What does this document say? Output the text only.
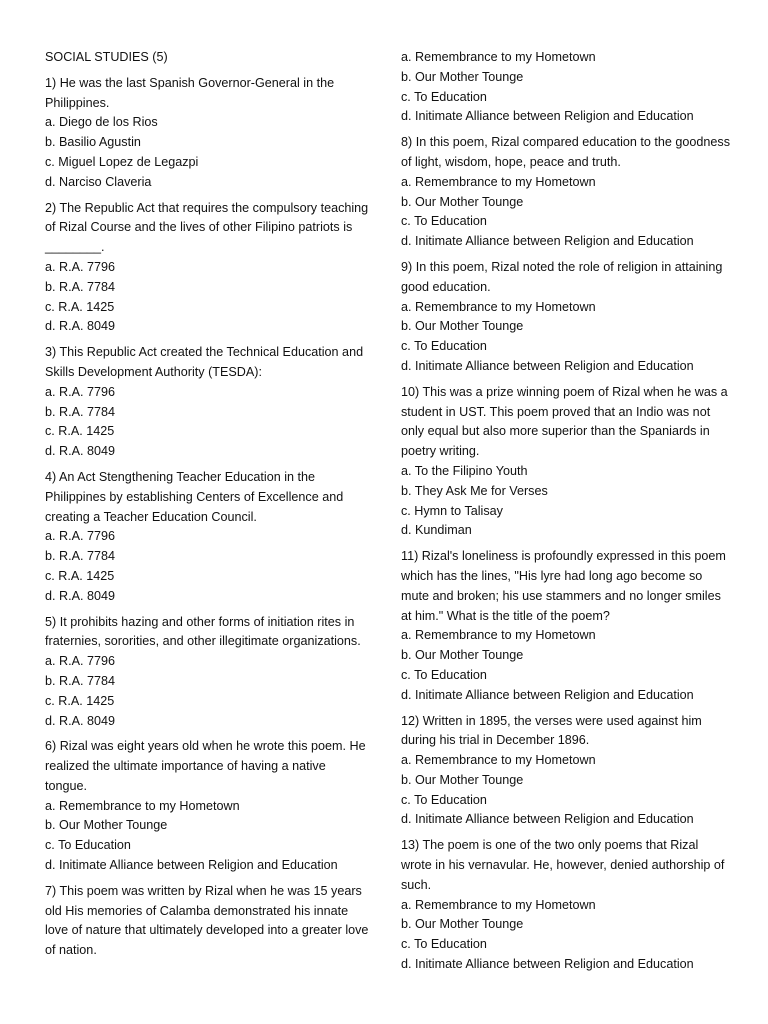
SOCIAL STUDIES (5)

1) He was the last Spanish Governor-General in the Philippines.

a. Diego de los Rios

b. Basilio Agustin

c. Miguel Lopez de Legazpi

d. Narciso Claveria

2) The Republic Act that requires the compulsory teaching of Rizal Course and the lives of other Filipino patriots is ________.

a. R.A. 7796

b. R.A. 7784

c. R.A. 1425

d. R.A. 8049

3) This Republic Act created the Technical Education and Skills Development Authority (TESDA):

a. R.A. 7796

b. R.A. 7784

c. R.A. 1425

d. R.A. 8049

4) An Act Stengthening Teacher Education in the Philippines by establishing Centers of Excellence and creating a Teacher Education Council.

a. R.A. 7796

b. R.A. 7784

c. R.A. 1425

d. R.A. 8049

5) It prohibits hazing and other forms of initiation rites in fraternies, sororities, and other illegitimate organizations.

a. R.A. 7796

b. R.A. 7784

c. R.A. 1425

d. R.A. 8049

6) Rizal was eight years old when he wrote this poem. He realized the ultimate importance of having a native tongue.

a. Remembrance to my Hometown

b. Our Mother Tounge

c. To Education

d. Initimate Alliance between Religion and Education

7) This poem was written by Rizal when he was 15 years old His memories of Calamba demonstrated his innate love of nature that ultimately developed into a greater love of nation.

a. Remembrance to my Hometown

b. Our Mother Tounge

c. To Education

d. Initimate Alliance between Religion and Education

8) In this poem, Rizal compared education to the goodness of light, wisdom, hope, peace and truth.

a. Remembrance to my Hometown

b. Our Mother Tounge

c. To Education

d. Initimate Alliance between Religion and Education

9) In this poem, Rizal noted the role of religion in attaining good education.

a. Remembrance to my Hometown

b. Our Mother Tounge

c. To Education

d. Initimate Alliance between Religion and Education

10) This was a prize winning poem of Rizal when he was a student in UST. This poem proved that an Indio was not only equal but also more superior than the Spaniards in poetry writing.

a. To the Filipino Youth

b. They Ask Me for Verses

c. Hymn to Talisay

d. Kundiman

11) Rizal's loneliness is profoundly expressed in this poem which has the lines, "His lyre had long ago become so mute and broken; his use stammers and no longer smiles at him." What is the title of the poem?

a. Remembrance to my Hometown

b. Our Mother Tounge

c. To Education

d. Initimate Alliance between Religion and Education

12) Written in 1895, the verses were used against him during his trial in December 1896.

a. Remembrance to my Hometown

b. Our Mother Tounge

c. To Education

d. Initimate Alliance between Religion and Education

13) The poem is one of the two only poems that Rizal wrote in his vernavular. He, however, denied authorship of such.

a. Remembrance to my Hometown

b. Our Mother Tounge

c. To Education

d. Initimate Alliance between Religion and Education
